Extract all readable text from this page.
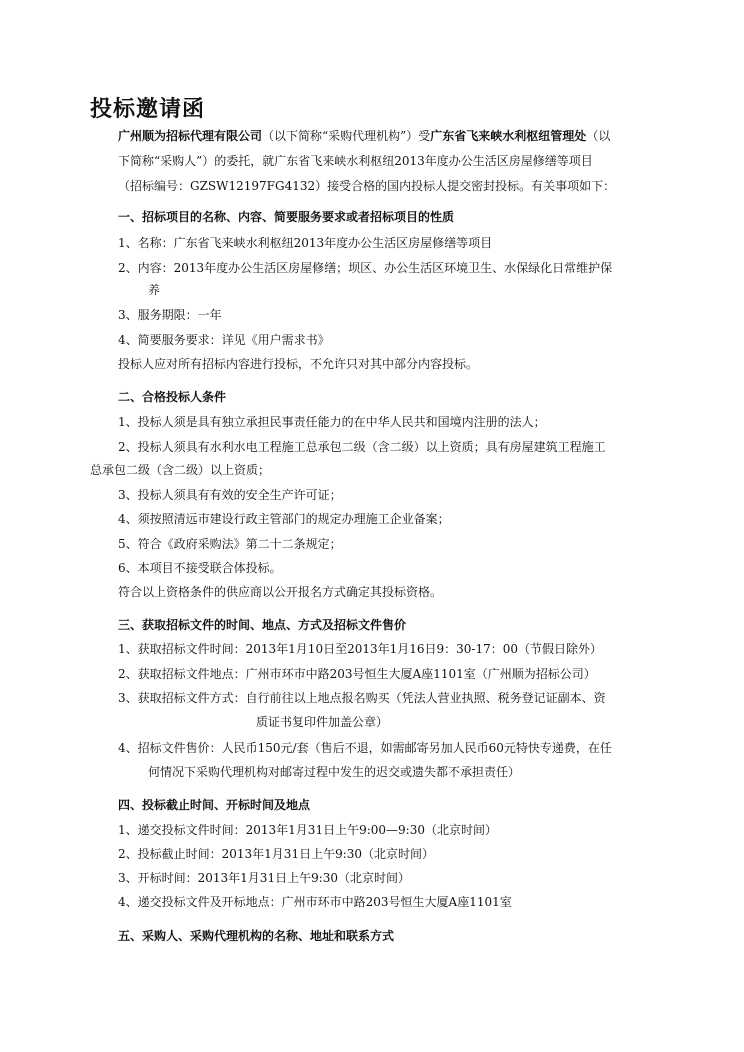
投标邀请函
广州顺为招标代理有限公司（以下简称“采购代理机构”）受广东省飞来峡水利枢纽管理处（以
下简称“采购人”）的委托，就广东省飞来峡水利枢纽2013年度办公生活区房屋修缮等项目
（招标编号：GZSW12197FG4132）接受合格的国内投标人提交密封投标。有关事项如下：
一、招标项目的名称、内容、简要服务要求或者招标项目的性质
1、名称：广东省飞来峡水利枢纽2013年度办公生活区房屋修缮等项目
2、内容：2013年度办公生活区房屋修缮；坝区、办公生活区环境卫生、水保绿化日常维护保
养
3、服务期限：一年
4、简要服务要求：详见《用户需求书》
投标人应对所有招标内容进行投标，不允许只对其中部分内容投标。
二、合格投标人条件
1、投标人须是具有独立承担民事责任能力的在中华人民共和国境内注册的法人；
2、投标人须具有水利水电工程施工总承包二级（含二级）以上资质；具有房屋建筑工程施工
总承包二级（含二级）以上资质；
3、投标人须具有有效的安全生产许可证；
4、须按照清远市建设行政主管部门的规定办理施工企业备案；
5、符合《政府采购法》第二十二条规定；
6、本项目不接受联合体投标。
符合以上资格条件的供应商以公开报名方式确定其投标资格。
三、获取招标文件的时间、地点、方式及招标文件售价
1、获取招标文件时间：2013年1月10日至2013年1月16日9：30-17：00（节假日除外）
2、获取招标文件地点：广州市环市中路203号恒生大厦A座1101室（广州顺为招标公司）
3、获取招标文件方式：自行前往以上地点报名购买（凭法人营业执照、税务登记证副本、资
质证书复印件加盖公章）
4、招标文件售价：人民币150元/套（售后不退，如需邮寄另加人民币60元特快专递费，在任
何情况下采购代理机构对邮寄过程中发生的迟交或遗失都不承担责任）
四、投标截止时间、开标时间及地点
1、递交投标文件时间：2013年1月31日上午9:00—9:30（北京时间）
2、投标截止时间：2013年1月31日上午9:30（北京时间）
3、开标时间：2013年1月31日上午9:30（北京时间）
4、递交投标文件及开标地点：广州市环市中路203号恒生大厦A座1101室
五、采购人、采购代理机构的名称、地址和联系方式
